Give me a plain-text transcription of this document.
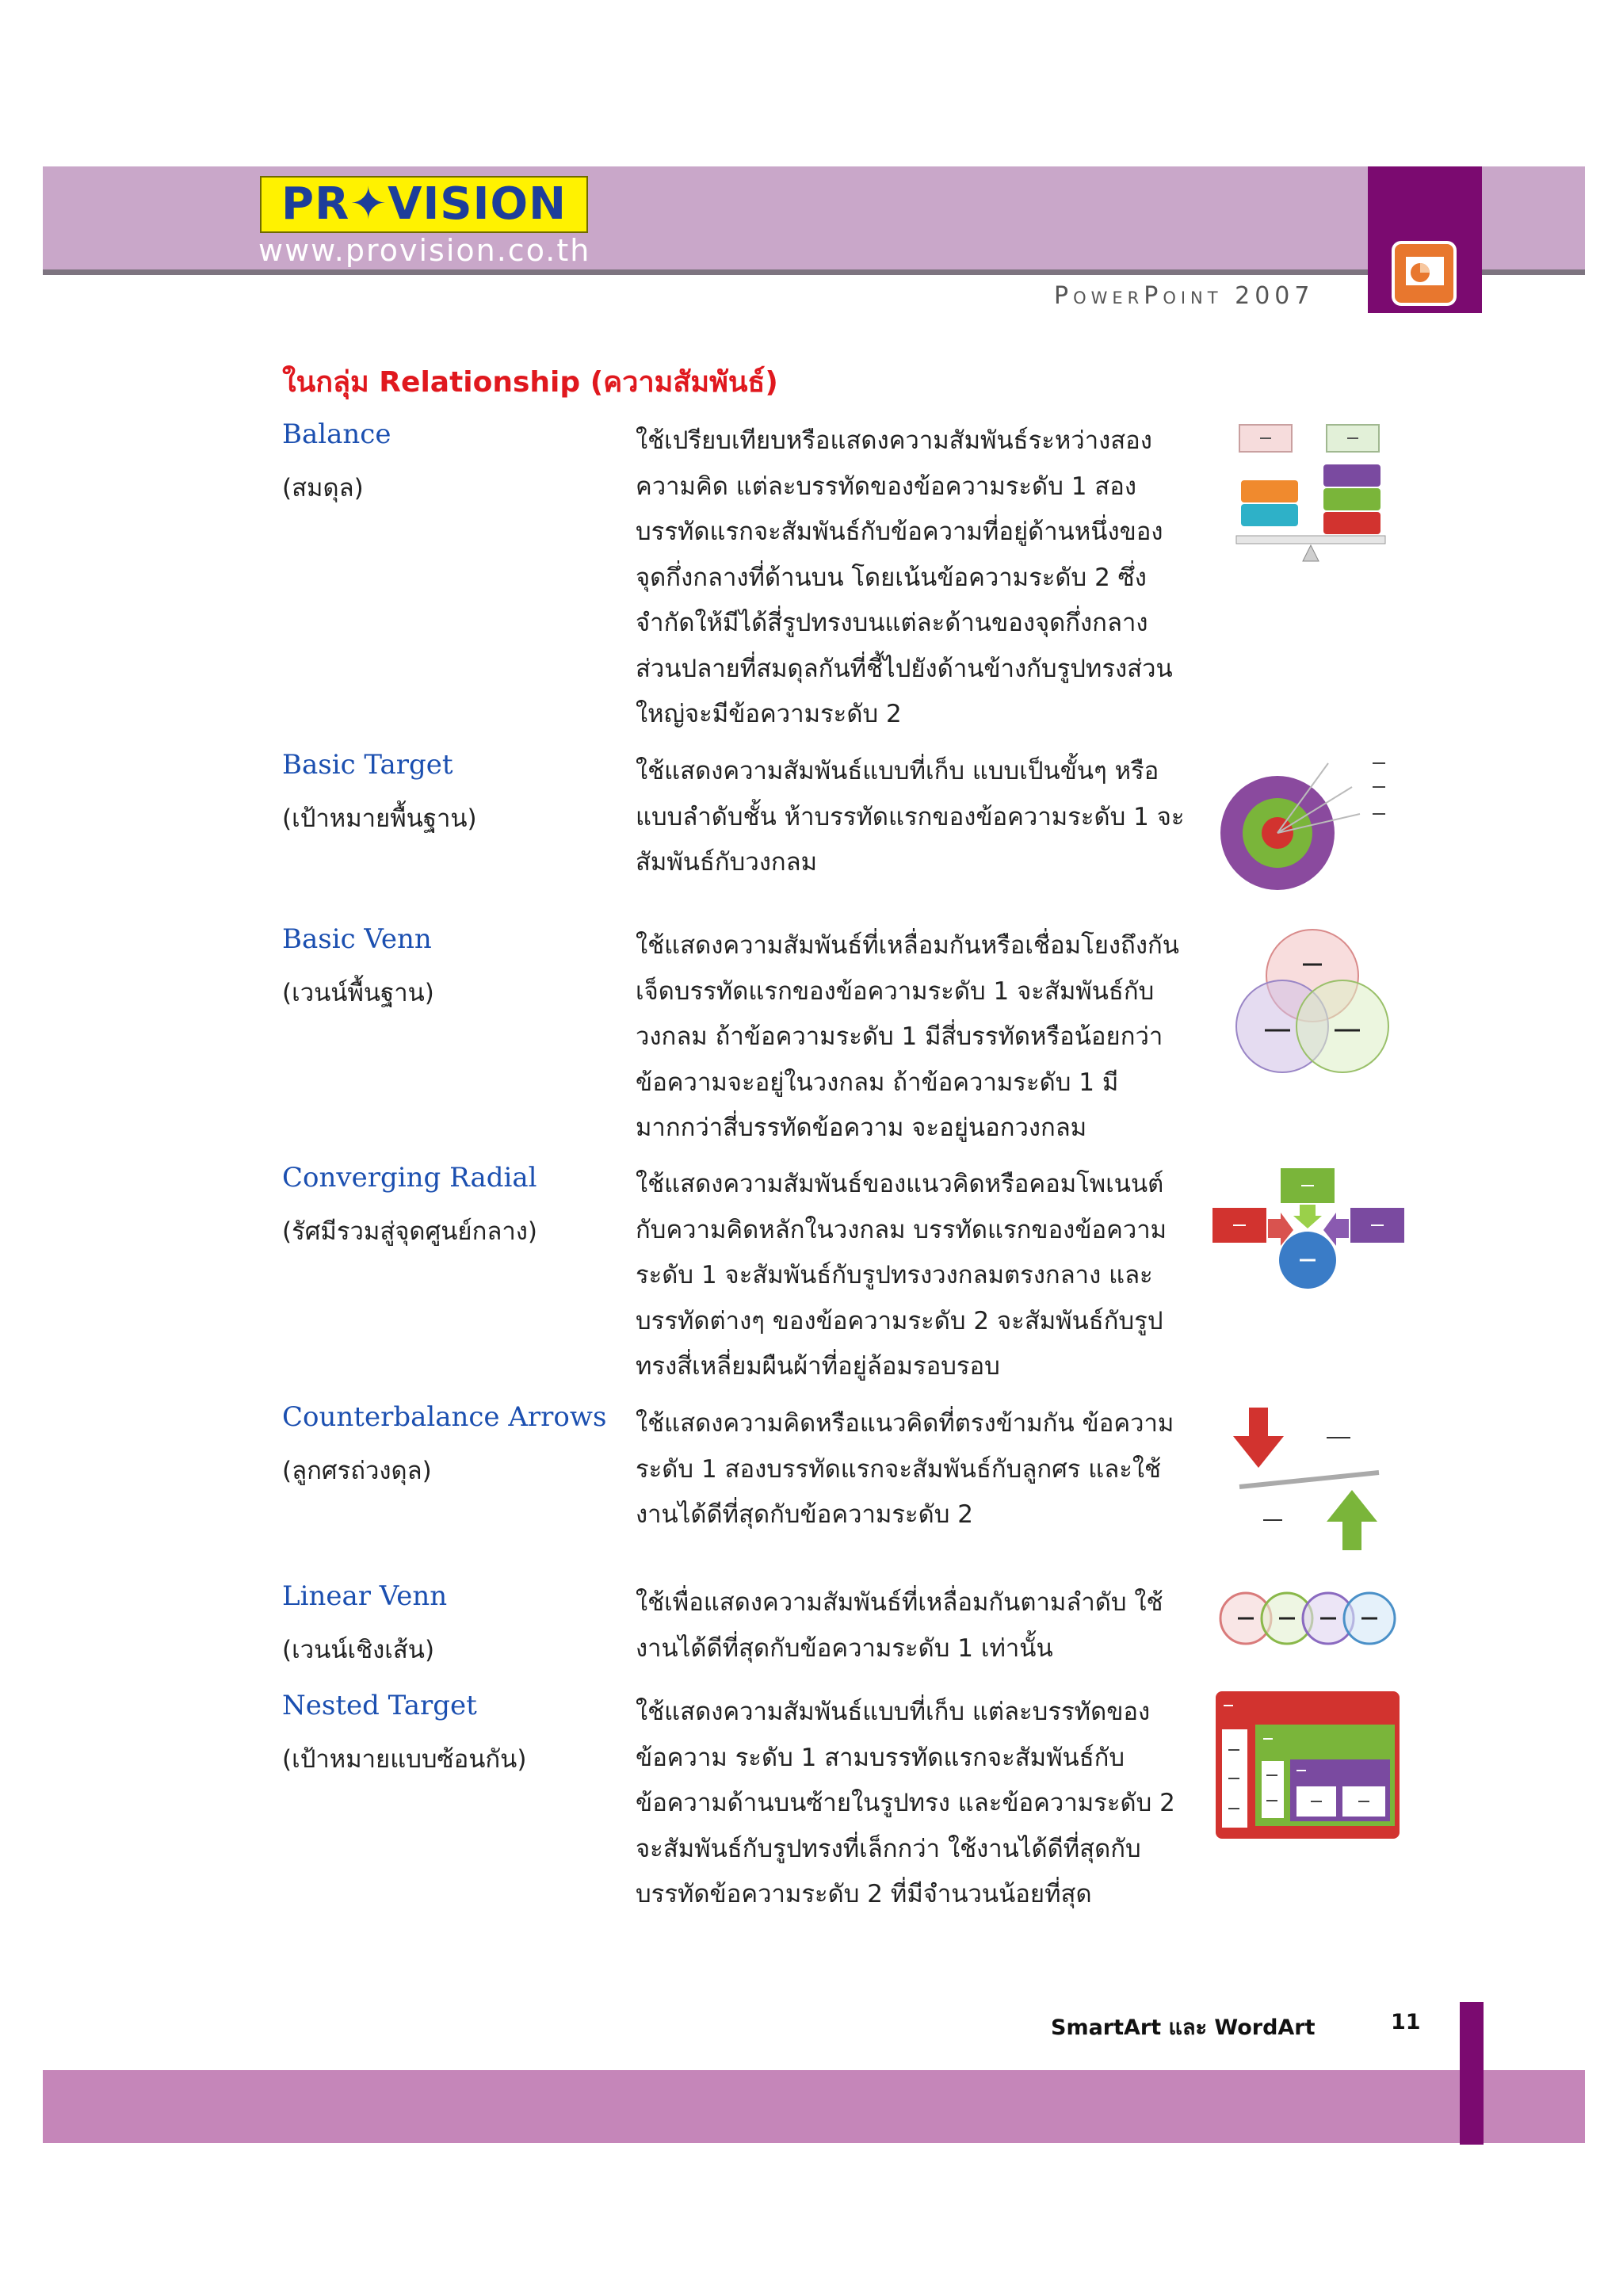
PR✦VISION
www.provision.co.th
PowerPoint 2007
ในกลุ่ม Relationship (ความสัมพันธ์)
Balance
(สมดุล)
ใช้เปรียบเทียบหรือแสดงความสัมพันธ์ระหว่างสองความคิด แต่ละบรรทัดของข้อความระดับ 1 สองบรรทัดแรกจะสัมพันธ์กับข้อความที่อยู่ด้านหนึ่งของจุดกึ่งกลางที่ด้านบน โดยเน้นข้อความระดับ 2 ซึ่งจำกัดให้มีได้สี่รูปทรงบนแต่ละด้านของจุดกึ่งกลาง ส่วนปลายที่สมดุลกันที่ชี้ไปยังด้านข้างกับรูปทรงส่วนใหญ่จะมีข้อความระดับ 2
Basic Target
(เป้าหมายพื้นฐาน)
ใช้แสดงความสัมพันธ์แบบที่เก็บ แบบเป็นขั้นๆ หรือแบบลำดับชั้น ห้าบรรทัดแรกของข้อความระดับ 1 จะสัมพันธ์กับวงกลม
Basic Venn
(เวนน์พื้นฐาน)
ใช้แสดงความสัมพันธ์ที่เหลื่อมกันหรือเชื่อมโยงถึงกัน เจ็ดบรรทัดแรกของข้อความระดับ 1 จะสัมพันธ์กับวงกลม ถ้าข้อความระดับ 1 มีสี่บรรทัดหรือน้อยกว่า ข้อความจะอยู่ในวงกลม ถ้าข้อความระดับ 1 มีมากกว่าสี่บรรทัดข้อความ จะอยู่นอกวงกลม
Converging Radial
(รัศมีรวมสู่จุดศูนย์กลาง)
ใช้แสดงความสัมพันธ์ของแนวคิดหรือคอมโพเนนต์กับความคิดหลักในวงกลม บรรทัดแรกของข้อความระดับ 1 จะสัมพันธ์กับรูปทรงวงกลมตรงกลาง และบรรทัดต่างๆ ของข้อความระดับ 2 จะสัมพันธ์กับรูปทรงสี่เหลี่ยมผืนผ้าที่อยู่ล้อมรอบรอบ
Counterbalance Arrows
(ลูกศรถ่วงดุล)
ใช้แสดงความคิดหรือแนวคิดที่ตรงข้ามกัน ข้อความระดับ 1 สองบรรทัดแรกจะสัมพันธ์กับลูกศร และใช้งานได้ดีที่สุดกับข้อความระดับ 2
Linear Venn
(เวนน์เชิงเส้น)
ใช้เพื่อแสดงความสัมพันธ์ที่เหลื่อมกันตามลำดับ ใช้งานได้ดีที่สุดกับข้อความระดับ 1 เท่านั้น
Nested Target
(เป้าหมายแบบซ้อนกัน)
ใช้แสดงความสัมพันธ์แบบที่เก็บ แต่ละบรรทัดของข้อความ ระดับ 1 สามบรรทัดแรกจะสัมพันธ์กับข้อความด้านบนซ้ายในรูปทรง และข้อความระดับ 2 จะสัมพันธ์กับรูปทรงที่เล็กกว่า ใช้งานได้ดีที่สุดกับบรรทัดข้อความระดับ 2 ที่มีจำนวนน้อยที่สุด
SmartArt และ WordArt	11
